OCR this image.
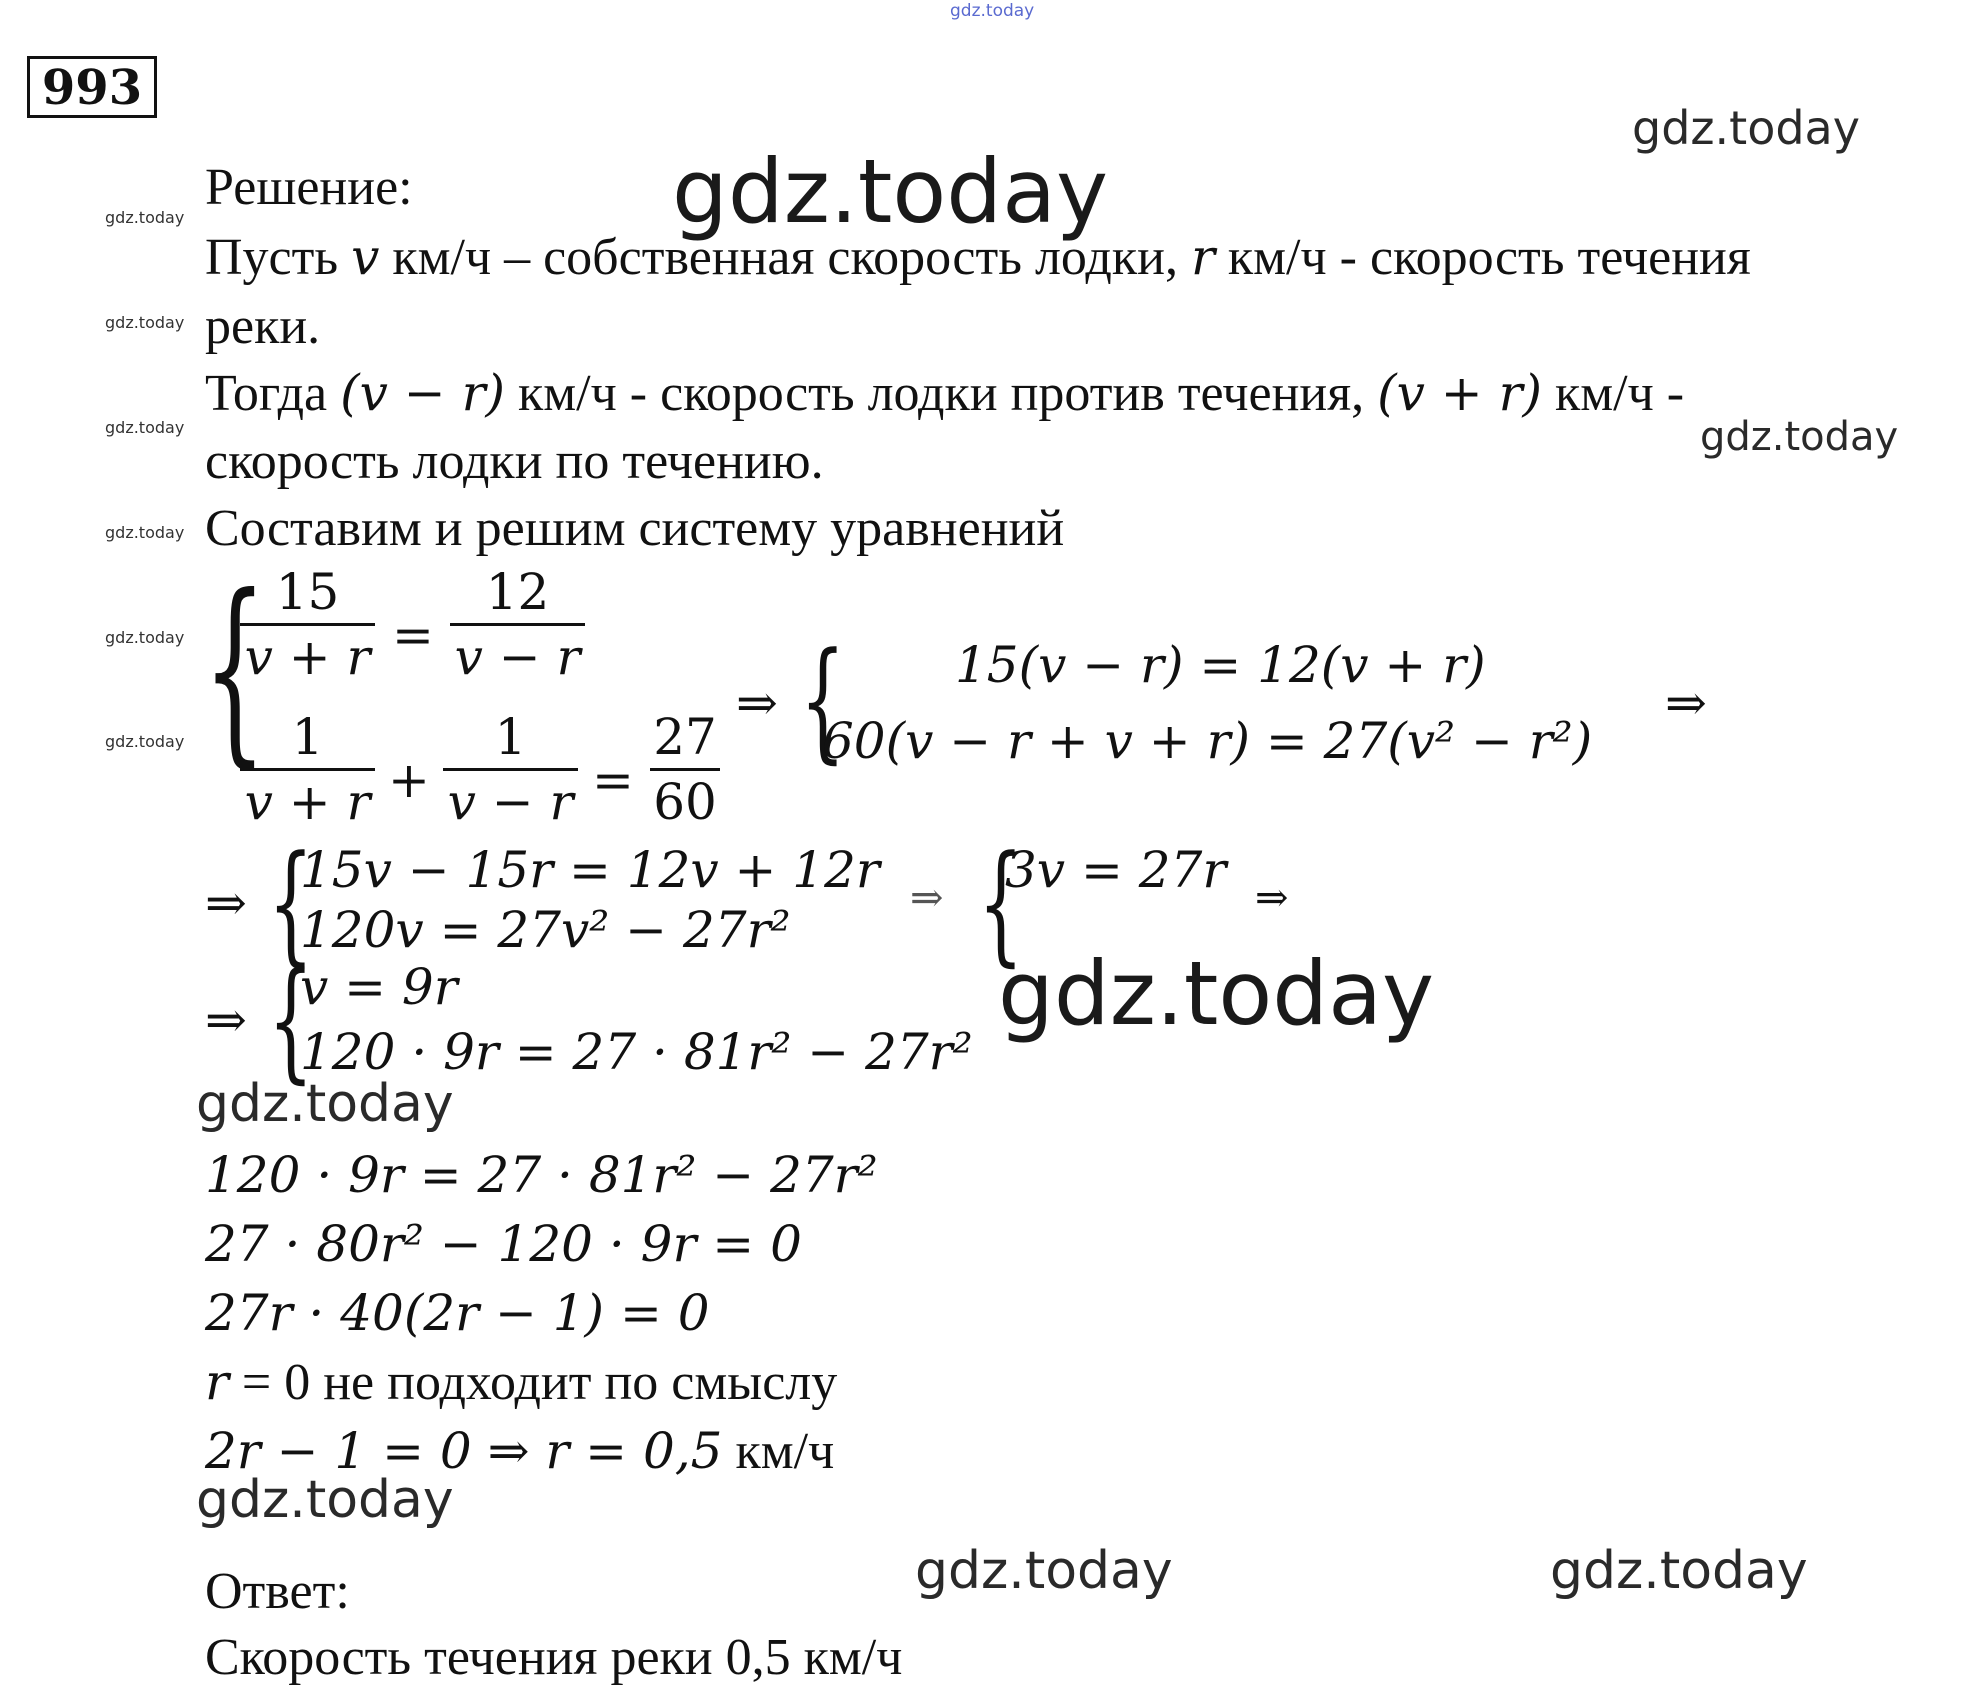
gdz.today
993
gdz.today
gdz.today
gdz.today
gdz.today
gdz.today
gdz.today
gdz.today
gdz.today
gdz.today
gdz.today
gdz.today
gdz.today
gdz.today	gdz.today
Решение:
Пусть v км/ч – собственная скорость лодки, r км/ч - скорость течения
реки.
Тогда (v − r) км/ч - скорость лодки против течения, (v + r) км/ч -
скорость лодки по течению.
Составим и решим систему уравнений
{ 15
v + r =
12
v − r
1
v + r +
1
v − r =
27
60
⇒ { 15(v − r) = 12(v + r)
60(v − r + v + r) = 27(v² − r²)
⇒
⇒ {
15v − 15r = 12v + 12r
120v = 27v² − 27r²
⇒ {
3v = 27r ⇒
⇒ {
v = 9r
120 · 9r = 27 · 81r² − 27r²
120 · 9r = 27 · 81r² − 27r²
27 · 80r² − 120 · 9r = 0
27r · 40(2r − 1) = 0
r = 0 не подходит по смыслу
2r − 1 = 0 ⇒ r = 0,5 км/ч
Ответ:
Скорость течения реки 0,5 км/ч
